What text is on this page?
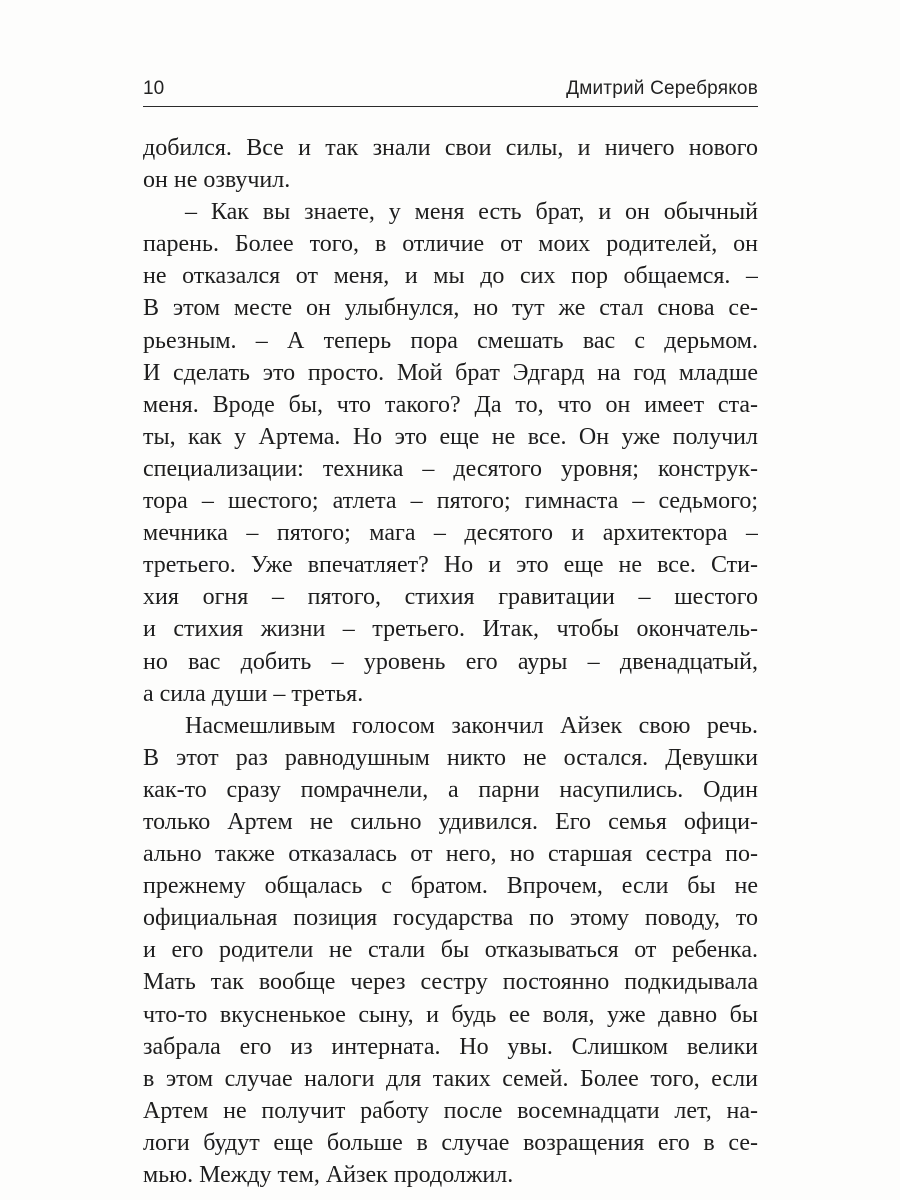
10	Дмитрий Серебряков
добился. Все и так знали свои силы, и ничего нового
он не озвучил.
– Как вы знаете, у меня есть брат, и он обычный
парень. Более того, в отличие от моих родителей, он
не отказался от меня, и мы до сих пор общаемся. –
В этом месте он улыбнулся, но тут же стал снова се-
рьезным. – А теперь пора смешать вас с дерьмом.
И сделать это просто. Мой брат Эдгард на год младше
меня. Вроде бы, что такого? Да то, что он имеет ста-
ты, как у Артема. Но это еще не все. Он уже получил
специализации: техника – десятого уровня; конструк-
тора – шестого; атлета – пятого; гимнаста – седьмого;
мечника – пятого; мага – десятого и архитектора –
третьего. Уже впечатляет? Но и это еще не все. Сти-
хия огня – пятого, стихия гравитации – шестого
и стихия жизни – третьего. Итак, чтобы окончатель-
но вас добить – уровень его ауры – двенадцатый,
а сила души – третья.
Насмешливым голосом закончил Айзек свою речь.
В этот раз равнодушным никто не остался. Девушки
как-то сразу помрачнели, а парни насупились. Один
только Артем не сильно удивился. Его семья офици-
ально также отказалась от него, но старшая сестра по-
прежнему общалась с братом. Впрочем, если бы не
официальная позиция государства по этому поводу, то
и его родители не стали бы отказываться от ребенка.
Мать так вообще через сестру постоянно подкидывала
что-то вкусненькое сыну, и будь ее воля, уже давно бы
забрала его из интерната. Но увы. Слишком велики
в этом случае налоги для таких семей. Более того, если
Артем не получит работу после восемнадцати лет, на-
логи будут еще больше в случае возращения его в се-
мью. Между тем, Айзек продолжил.
